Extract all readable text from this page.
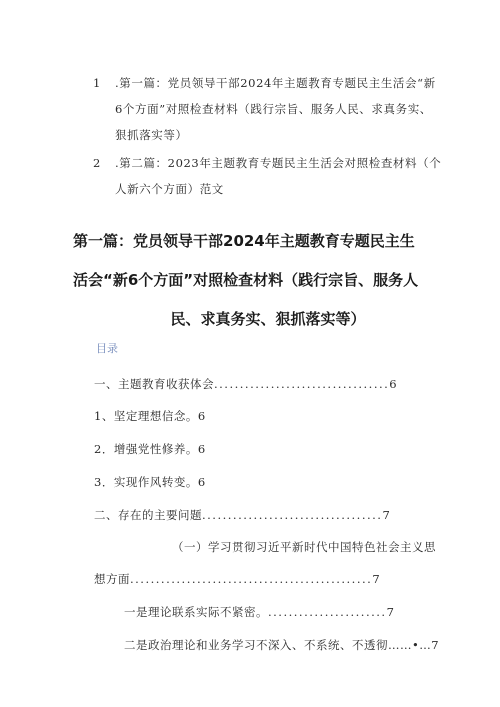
1 .第一篇：党员领导干部2024年主题教育专题民主生活会“新
6个方面”对照检查材料（践行宗旨、服务人民、求真务实、
狠抓落实等）

2 .第二篇：2023年主题教育专题民主生活会对照检查材料（个
人新六个方面）范文

第一篇：党员领导干部2024年主题教育专题民主生
活会“新6个方面”对照检查材料（践行宗旨、服务人
民、求真务实、狠抓落实等）
目录
一、主题教育收获体会..................................6
1、坚定理想信念。6
2．增强党性修养。6
3．实现作风转变。6
二、存在的主要问题...................................7
（一）学习贯彻习近平新时代中国特色社会主义思
想方面...............................................7
一是理论联系实际不紧密。.......................7
二是政治理论和业务学习不深入、不系统、不透彻……•…7
